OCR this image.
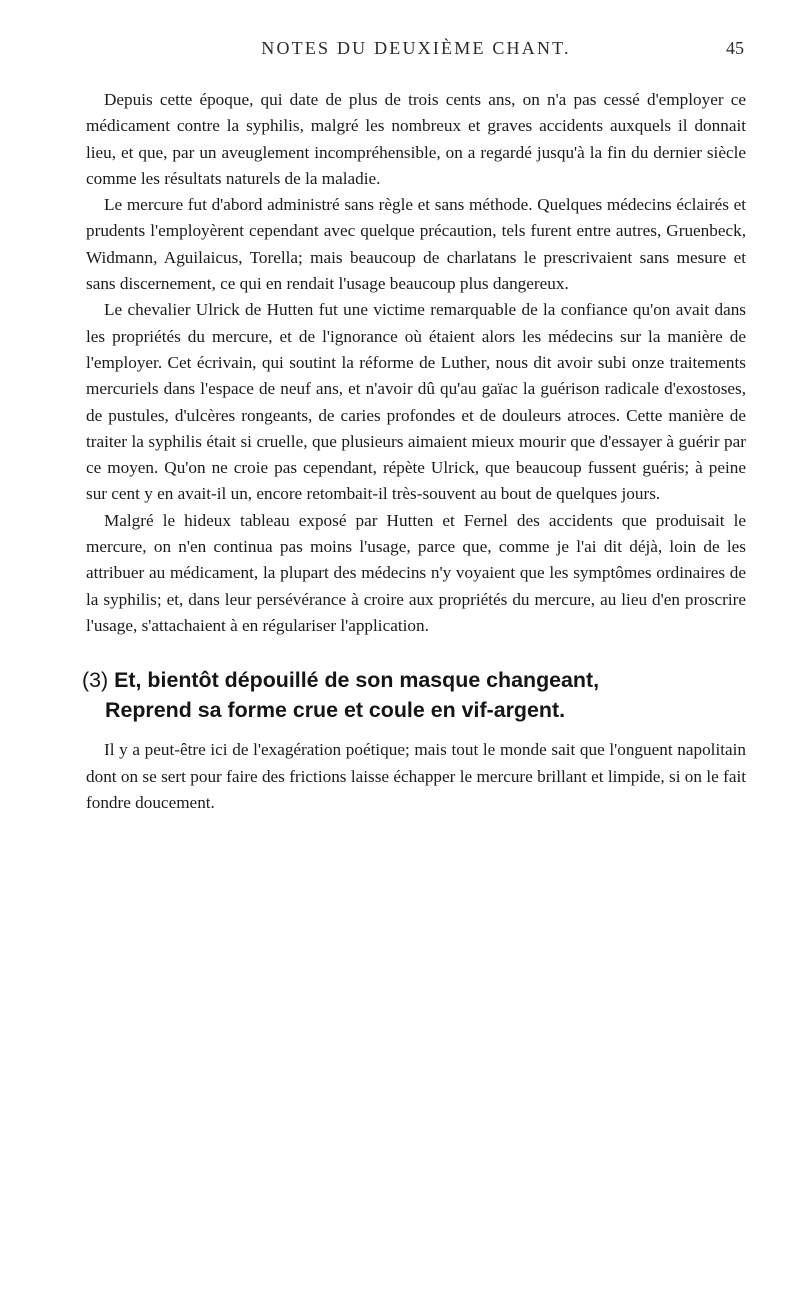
NOTES DU DEUXIÈME CHANT.	45

Depuis cette époque, qui date de plus de trois cents ans, on n'a pas cessé d'employer ce médicament contre la syphilis, malgré les nombreux et graves accidents auxquels il donnait lieu, et que, par un aveuglement incompréhensible, on a regardé jusqu'à la fin du dernier siècle comme les résultats naturels de la maladie.

Le mercure fut d'abord administré sans règle et sans méthode. Quelques médecins éclairés et prudents l'employèrent cependant avec quelque précaution, tels furent entre autres, Gruenbeck, Widmann, Aguilaicus, Torella; mais beaucoup de charlatans le prescrivaient sans mesure et sans discernement, ce qui en rendait l'usage beaucoup plus dangereux.

Le chevalier Ulrick de Hutten fut une victime remarquable de la confiance qu'on avait dans les propriétés du mercure, et de l'ignorance où étaient alors les médecins sur la manière de l'employer. Cet écrivain, qui soutint la réforme de Luther, nous dit avoir subi onze traitements mercuriels dans l'espace de neuf ans, et n'avoir dû qu'au gaïac la guérison radicale d'exostoses, de pustules, d'ulcères rongeants, de caries profondes et de douleurs atroces. Cette manière de traiter la syphilis était si cruelle, que plusieurs aimaient mieux mourir que d'essayer à guérir par ce moyen. Qu'on ne croie pas cependant, répète Ulrick, que beaucoup fussent guéris; à peine sur cent y en avait-il un, encore retombait-il très-souvent au bout de quelques jours.

Malgré le hideux tableau exposé par Hutten et Fernel des accidents que produisait le mercure, on n'en continua pas moins l'usage, parce que, comme je l'ai dit déjà, loin de les attribuer au médicament, la plupart des médecins n'y voyaient que les symptômes ordinaires de la syphilis; et, dans leur persévérance à croire aux propriétés du mercure, au lieu d'en proscrire l'usage, s'attachaient à en régulariser l'application.

(3) Et, bientôt dépouillé de son masque changeant,
Reprend sa forme crue et coule en vif-argent.

Il y a peut-être ici de l'exagération poétique; mais tout le monde sait que l'onguent napolitain dont on se sert pour faire des frictions laisse échapper le mercure brillant et limpide, si on le fait fondre doucement.
